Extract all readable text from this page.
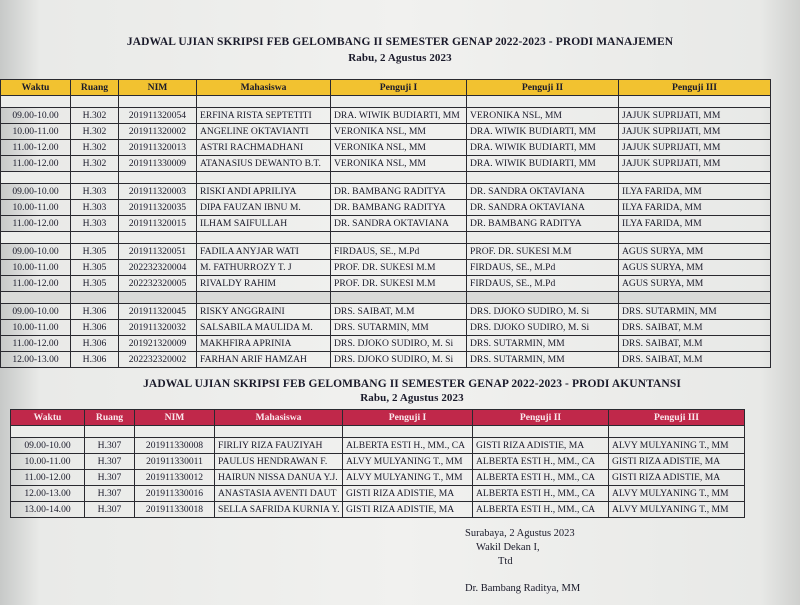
JADWAL UJIAN SKRIPSI FEB GELOMBANG II SEMESTER GENAP 2022-2023 - PRODI MANAJEMEN
Rabu, 2 Agustus 2023
Waktu	Ruang	NIM	Mahasiswa	Penguji I	Penguji II	Penguji III

09.00-10.00	H.302	201911320054	ERFINA RISTA SEPTETITI	DRA. WIWIK BUDIARTI, MM	VERONIKA NSL, MM	JAJUK SUPRIJATI, MM
10.00-11.00	H.302	201911320002	ANGELINE OKTAVIANTI	VERONIKA NSL, MM	DRA. WIWIK BUDIARTI, MM	JAJUK SUPRIJATI, MM
11.00-12.00	H.302	201911320013	ASTRI RACHMADHANI	VERONIKA NSL, MM	DRA. WIWIK BUDIARTI, MM	JAJUK SUPRIJATI, MM
11.00-12.00	H.302	201911330009	ATANASIUS DEWANTO B.T.	VERONIKA NSL, MM	DRA. WIWIK BUDIARTI, MM	JAJUK SUPRIJATI, MM

09.00-10.00	H.303	201911320003	RISKI ANDI APRILIYA	DR. BAMBANG RADITYA	DR. SANDRA OKTAVIANA	ILYA FARIDA, MM
10.00-11.00	H.303	201911320035	DIPA FAUZAN IBNU M.	DR. BAMBANG RADITYA	DR. SANDRA OKTAVIANA	ILYA FARIDA, MM
11.00-12.00	H.303	201911320015	ILHAM SAIFULLAH	DR. SANDRA OKTAVIANA	DR. BAMBANG RADITYA	ILYA FARIDA, MM

09.00-10.00	H.305	201911320051	FADILA ANYJAR WATI	FIRDAUS, SE., M.Pd	PROF. DR. SUKESI M.M	AGUS SURYA, MM
10.00-11.00	H.305	202232320004	M. FATHURROZY T. J	PROF. DR. SUKESI M.M	FIRDAUS, SE., M.Pd	AGUS SURYA, MM
11.00-12.00	H.305	202232320005	RIVALDY RAHIM	PROF. DR. SUKESI M.M	FIRDAUS, SE., M.Pd	AGUS SURYA, MM

09.00-10.00	H.306	201911320045	RISKY ANGGRAINI	DRS. SAIBAT, M.M	DRS. DJOKO SUDIRO, M. Si	DRS. SUTARMIN, MM
10.00-11.00	H.306	201911320032	SALSABILA MAULIDA M.	DRS. SUTARMIN, MM	DRS. DJOKO SUDIRO, M. Si	DRS. SAIBAT, M.M
11.00-12.00	H.306	201921320009	MAKHFIRA APRINIA	DRS. DJOKO SUDIRO, M. Si	DRS. SUTARMIN, MM	DRS. SAIBAT, M.M
12.00-13.00	H.306	202232320002	FARHAN ARIF HAMZAH	DRS. DJOKO SUDIRO, M. Si	DRS. SUTARMIN, MM	DRS. SAIBAT, M.M
JADWAL UJIAN SKRIPSI FEB GELOMBANG II SEMESTER GENAP 2022-2023 - PRODI AKUNTANSI
Rabu, 2 Agustus 2023
Waktu	Ruang	NIM	Mahasiswa	Penguji I	Penguji II	Penguji III

09.00-10.00	H.307	201911330008	FIRLIY RIZA FAUZIYAH	ALBERTA ESTI H., MM., CA	GISTI RIZA ADISTIE, MA	ALVY MULYANING T., MM
10.00-11.00	H.307	201911330011	PAULUS HENDRAWAN F.	ALVY MULYANING T., MM	ALBERTA ESTI H., MM., CA	GISTI RIZA ADISTIE, MA
11.00-12.00	H.307	201911330012	HAIRUN NISSA DANUA Y.J.	ALVY MULYANING T., MM	ALBERTA ESTI H., MM., CA	GISTI RIZA ADISTIE, MA
12.00-13.00	H.307	201911330016	ANASTASIA AVENTI DAUT	GISTI RIZA ADISTIE, MA	ALBERTA ESTI H., MM., CA	ALVY MULYANING T., MM
13.00-14.00	H.307	201911330018	SELLA SAFRIDA KURNIA Y.	GISTI RIZA ADISTIE, MA	ALBERTA ESTI H., MM., CA	ALVY MULYANING T., MM
Surabaya, 2 Agustus 2023
Wakil Dekan I,
Ttd
Dr. Bambang Raditya, MM
